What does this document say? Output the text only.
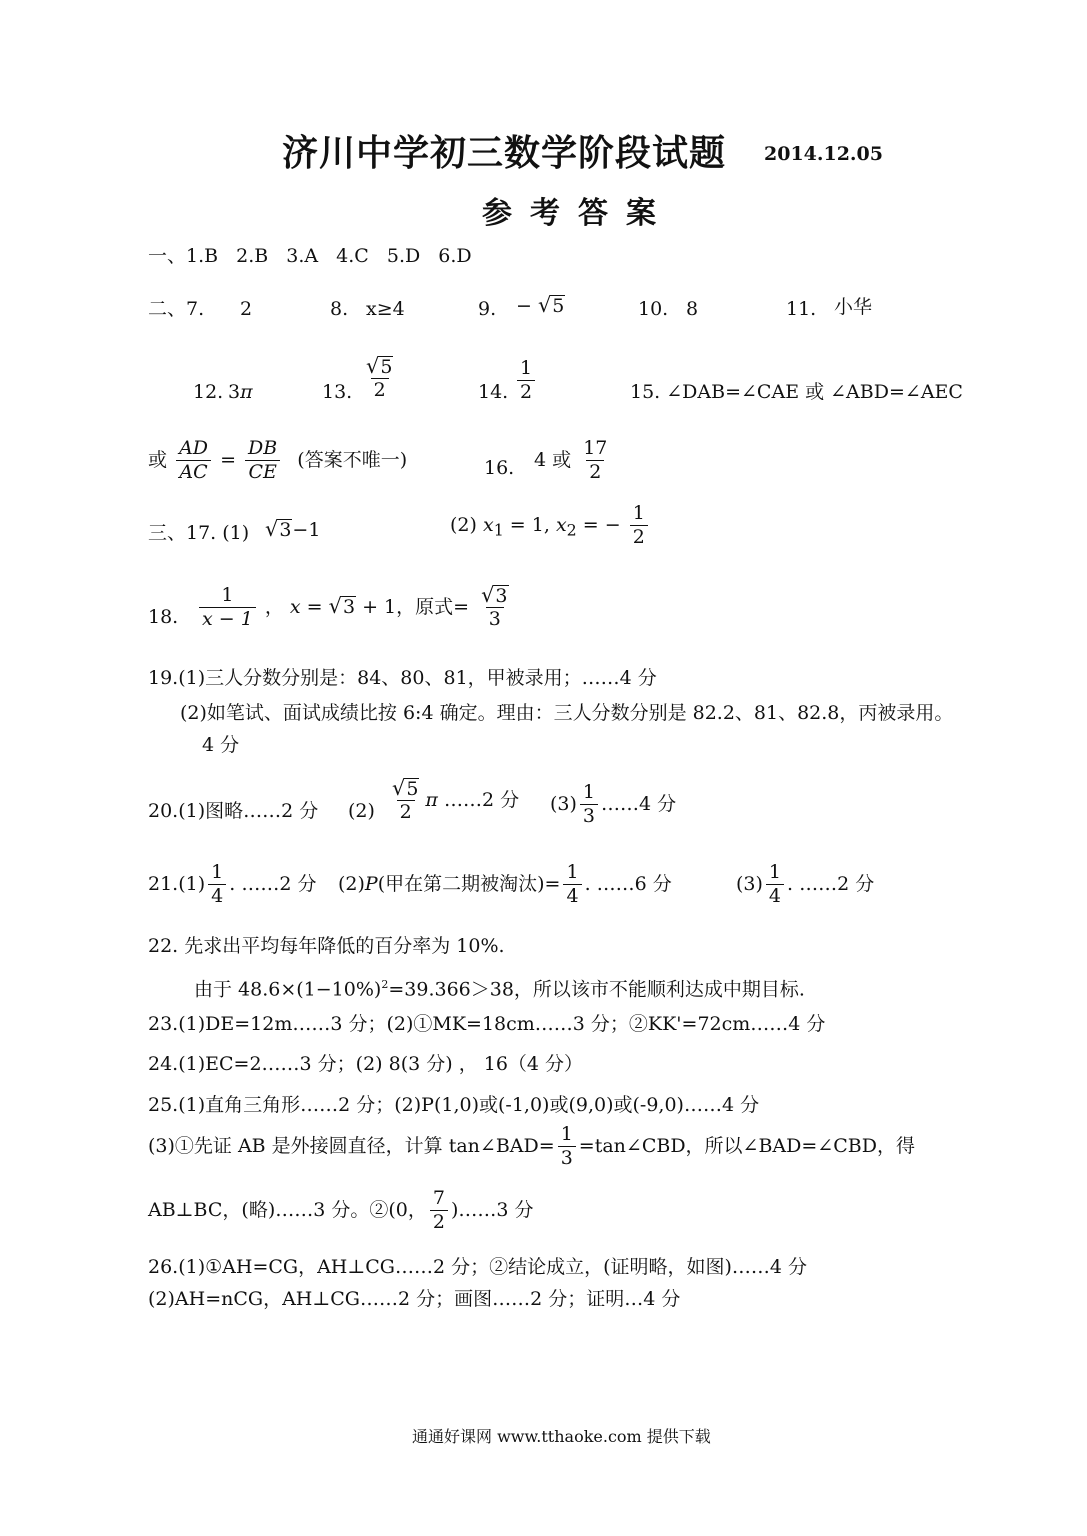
济川中学初三数学阶段试题 2014.12.05
参考答案
一、1.B 2.B 3.A 4.C 5.D 6.D
二、7. 2	8. x≥4	9. − √ 5	10. 8	11. 小华
12. 3π	13. $\frac{√ 5}{2}$	14. $\frac{1}{2}$	15. ∠DAB=∠CAE 或 ∠ABD=∠AEC
或 $\frac{AD}{AC} = \frac{DB}{CE}$ (答案不唯一)	16. 4 或 $\frac{17}{2}$
三、17. (1) √ 3 −1	(2) $x_1 = 1$, $x_2$ = − $\frac{1}{2}$
18. $\frac{1}{x - 1}$ ， x = √ 3 + 1，原式= $\frac{√ 3}{3}$
19.(1)三人分数分别是：84、80、81，甲被录用；……4 分
(2)如笔试、面试成绩比按 6:4 确定。理由：三人分数分别是 82.2、81、82.8，丙被录用。
4 分
20.(1)图略……2 分 $(2) \frac{√ 5}{2}$ π ……2 分 $(3) \frac{1}{3}$ ……4 分
$21.(1) \frac{1}{4}$ . ……2 分 (2)P(甲在第二期被淘汰)= $\frac{1}{4}$ . ……6 分	$(3) \frac{1}{4}$ . ……2 分
22. 先求出平均每年降低的百分率为 10%.
由于 $48.6\times(1-10\%)^2=39.366>38$，所以该市不能顺利达成中期目标.
23.(1)DE=12m……3 分；(2)①MK=18cm……3 分；②KK'=72cm……4 分
24.(1)EC=2……3 分；(2) 8(3 分) ， 16（4 分）
25.(1)直角三角形……2 分；(2)P(1,0)或(-1,0)或(9,0)或(-9,0)……4 分
(3)①先证 AB 是外接圆直径，计算 tan∠BAD= $\frac{1}{3}$ =tan∠CBD，所以∠BAD=∠CBD，得
AB⊥BC，(略)……3 分。②(0， $\frac{7}{2}$ )……3 分
26.(1)①AH=CG，AH⊥CG……2 分；②结论成立，(证明略，如图)……4 分
(2)AH=nCG，AH⊥CG……2 分；画图……2 分；证明…4 分
通通好课网 www.tthaoke.com 提供下载
